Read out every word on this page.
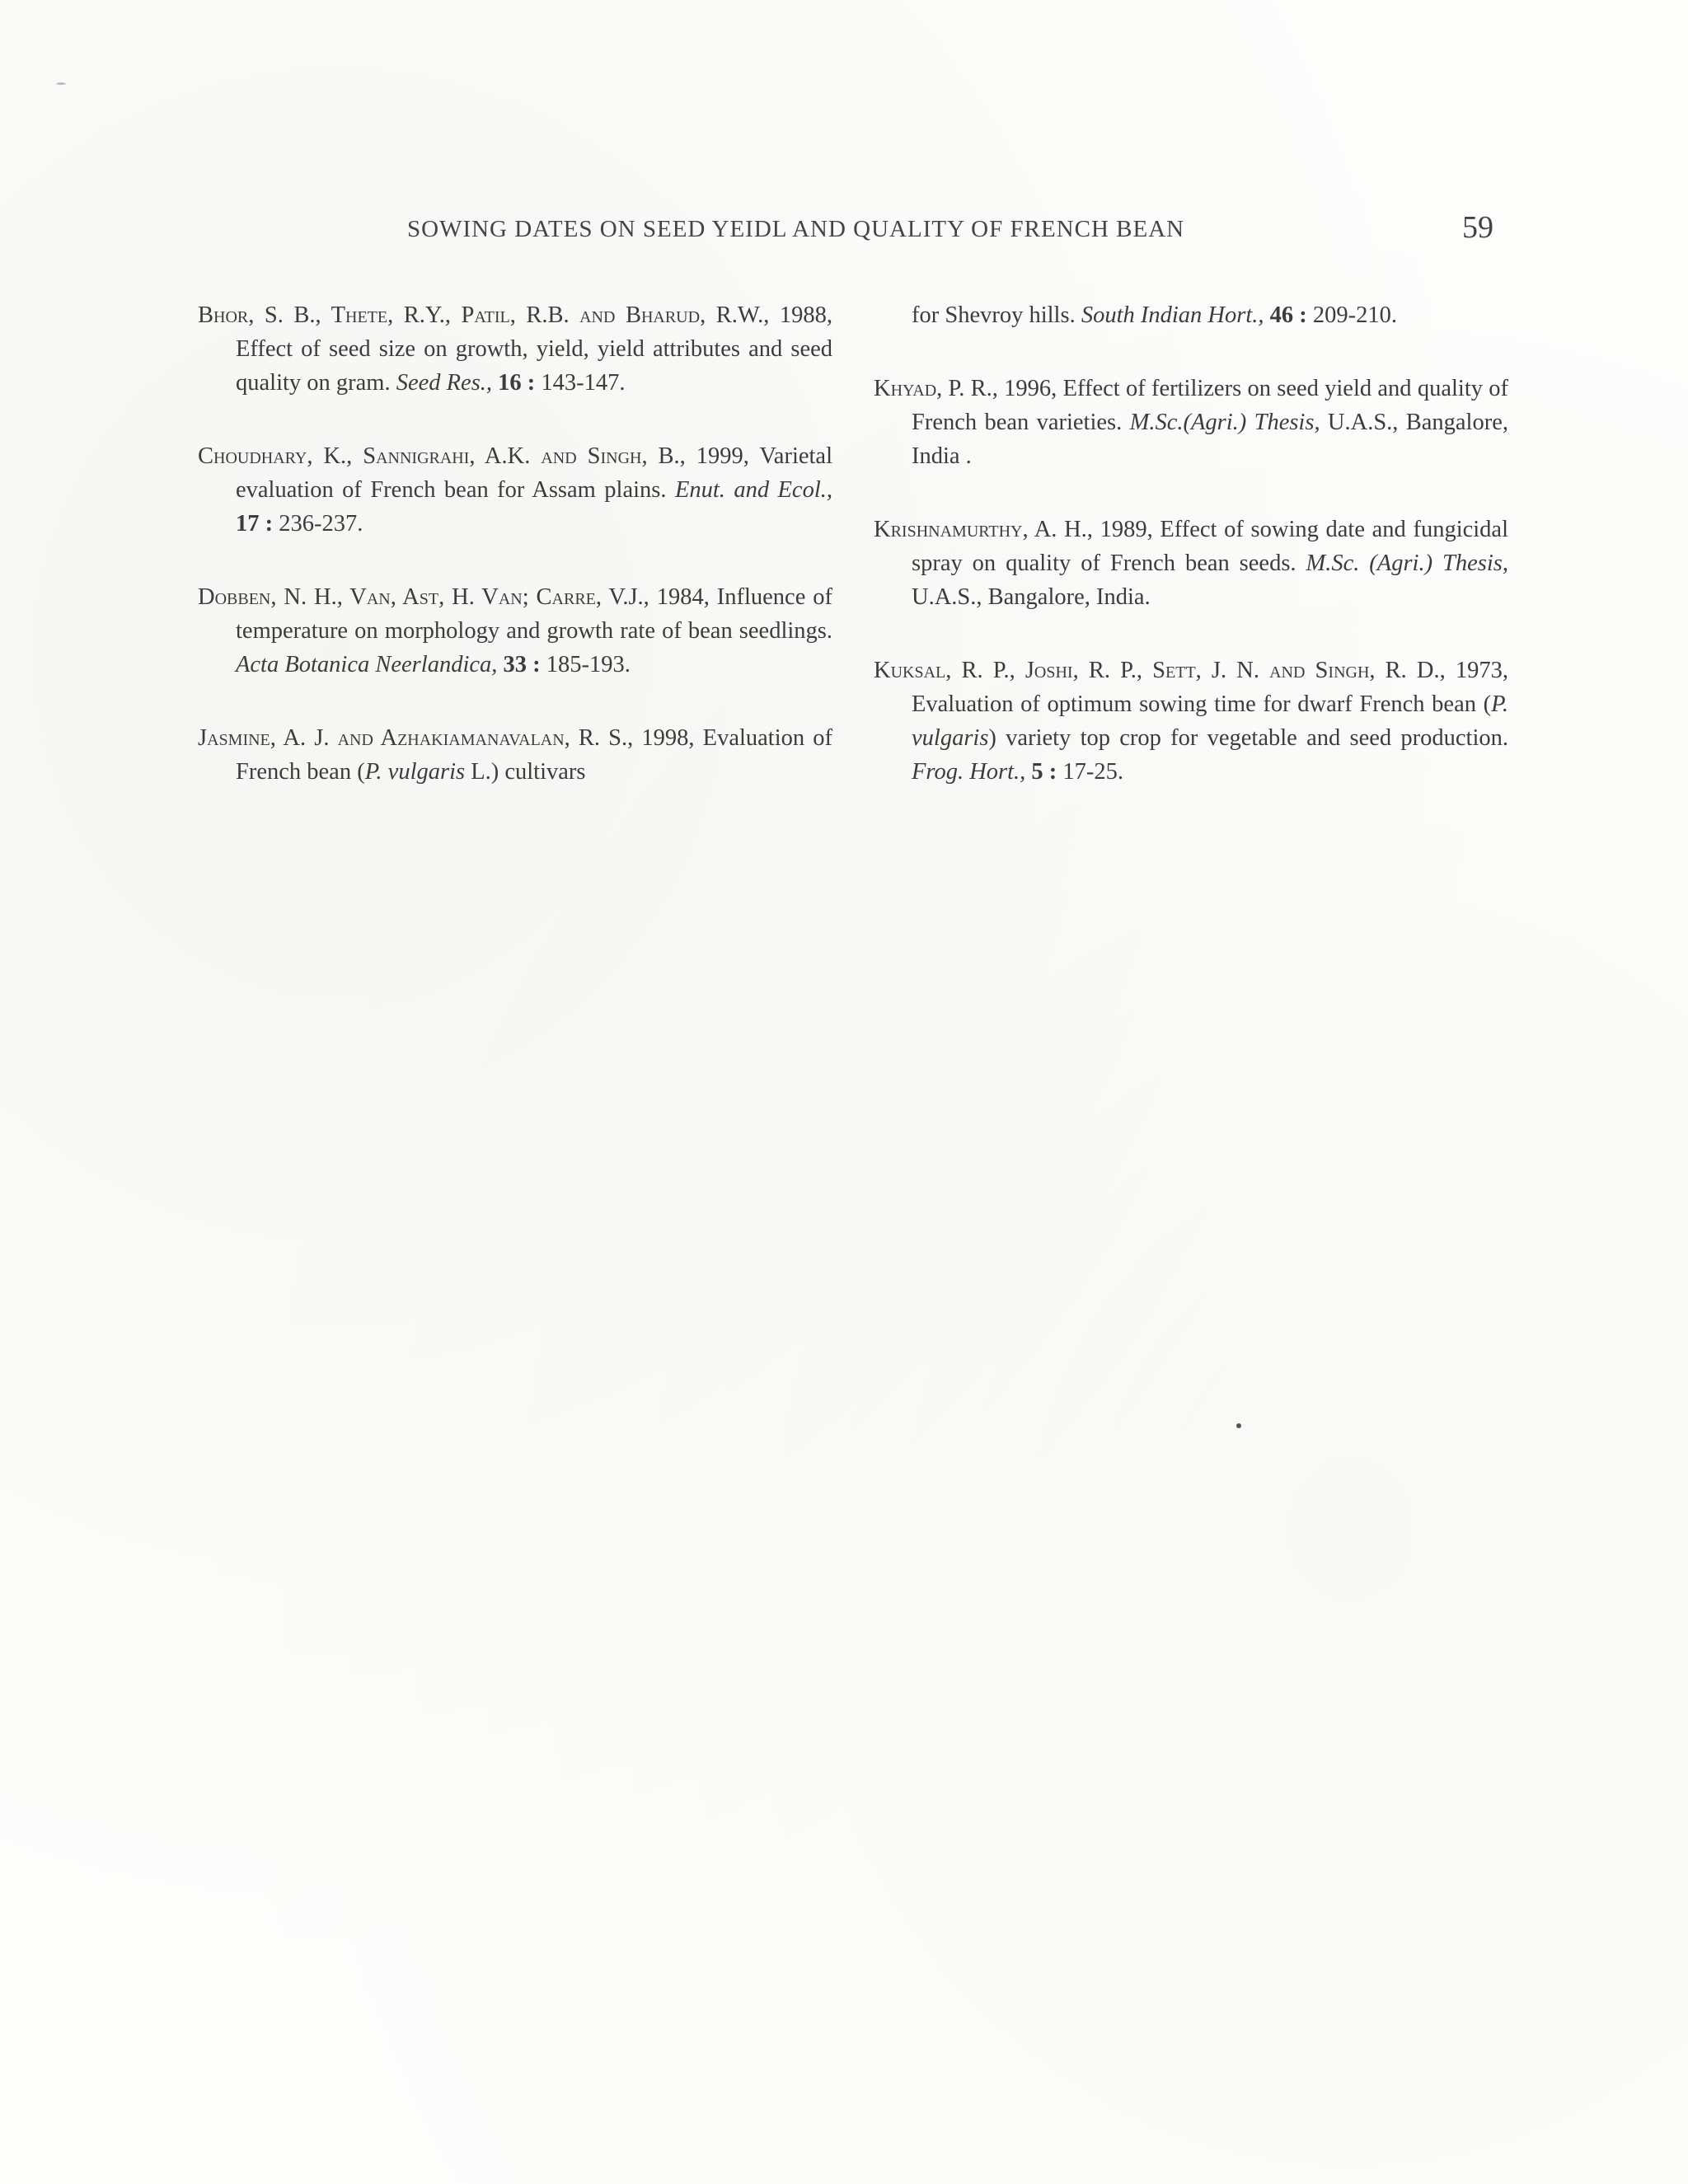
SOWING DATES ON SEED YEIDL AND QUALITY OF FRENCH BEAN	59

Bhor, S. B., Thete, R.Y., Patil, R.B. and Bharud, R.W., 1988, Effect of seed size on growth, yield, yield attributes and seed quality on gram. Seed Res., 16 : 143-147.

Choudhary, K., Sannigrahi, A.K. and Singh, B., 1999, Varietal evaluation of French bean for Assam plains. Enut. and Ecol., 17 : 236-237.

Dobben, N. H., Van, Ast, H. Van; Carre, V.J., 1984, Influence of temperature on morphology and growth rate of bean seedlings. Acta Botanica Neerlandica, 33 : 185-193.

Jasmine, A. J. and Azhakiamanavalan, R. S., 1998, Evaluation of French bean (P. vulgaris L.) cultivars

for Shevroy hills. South Indian Hort., 46 : 209-210.

Khyad, P. R., 1996, Effect of fertilizers on seed yield and quality of French bean varieties. M.Sc.(Agri.) Thesis, U.A.S., Bangalore, India .

Krishnamurthy, A. H., 1989, Effect of sowing date and fungicidal spray on quality of French bean seeds. M.Sc. (Agri.) Thesis, U.A.S., Bangalore, India.

Kuksal, R. P., Joshi, R. P., Sett, J. N. and Singh, R. D., 1973, Evaluation of optimum sowing time for dwarf French bean (P. vulgaris) variety top crop for vegetable and seed production. Frog. Hort., 5 : 17-25.
